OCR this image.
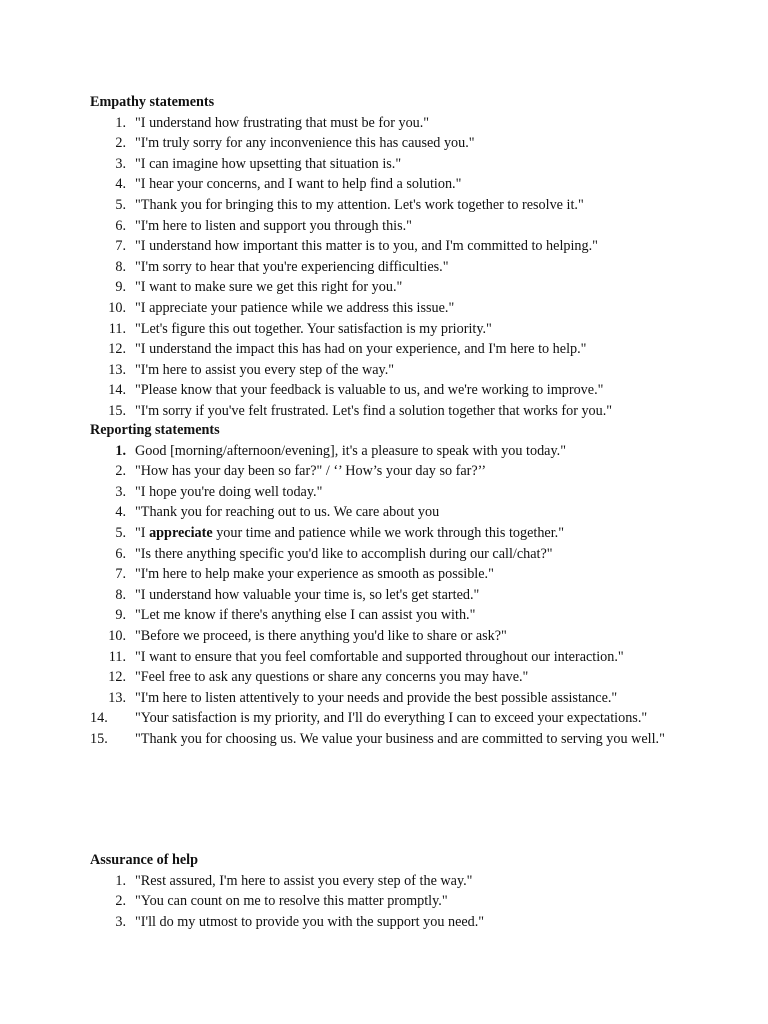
Empathy statements
1. "I understand how frustrating that must be for you."
2. "I'm truly sorry for any inconvenience this has caused you."
3. "I can imagine how upsetting that situation is."
4. "I hear your concerns, and I want to help find a solution."
5. "Thank you for bringing this to my attention. Let's work together to resolve it."
6. "I'm here to listen and support you through this."
7. "I understand how important this matter is to you, and I'm committed to helping."
8. "I'm sorry to hear that you're experiencing difficulties."
9. "I want to make sure we get this right for you."
10. "I appreciate your patience while we address this issue."
11. "Let's figure this out together. Your satisfaction is my priority."
12. "I understand the impact this has had on your experience, and I'm here to help."
13. "I'm here to assist you every step of the way."
14. "Please know that your feedback is valuable to us, and we're working to improve."
15. "I'm sorry if you've felt frustrated. Let's find a solution together that works for you."
Reporting statements
1. Good [morning/afternoon/evening], it's a pleasure to speak with you today."
2. "How has your day been so far?" / ‘’ How’s your day so far?’’
3. "I hope you're doing well today."
4. "Thank you for reaching out to us. We care about you
5. "I appreciate your time and patience while we work through this together."
6. "Is there anything specific you'd like to accomplish during our call/chat?"
7. "I'm here to help make your experience as smooth as possible."
8. "I understand how valuable your time is, so let's get started."
9. "Let me know if there's anything else I can assist you with."
10. "Before we proceed, is there anything you'd like to share or ask?"
11. "I want to ensure that you feel comfortable and supported throughout our interaction."
12. "Feel free to ask any questions or share any concerns you may have."
13. "I'm here to listen attentively to your needs and provide the best possible assistance."
14.	"Your satisfaction is my priority, and I'll do everything I can to exceed your expectations."
15.	"Thank you for choosing us. We value your business and are committed to serving you well."
Assurance of help
1. "Rest assured, I'm here to assist you every step of the way."
2. "You can count on me to resolve this matter promptly."
3. "I'll do my utmost to provide you with the support you need."
